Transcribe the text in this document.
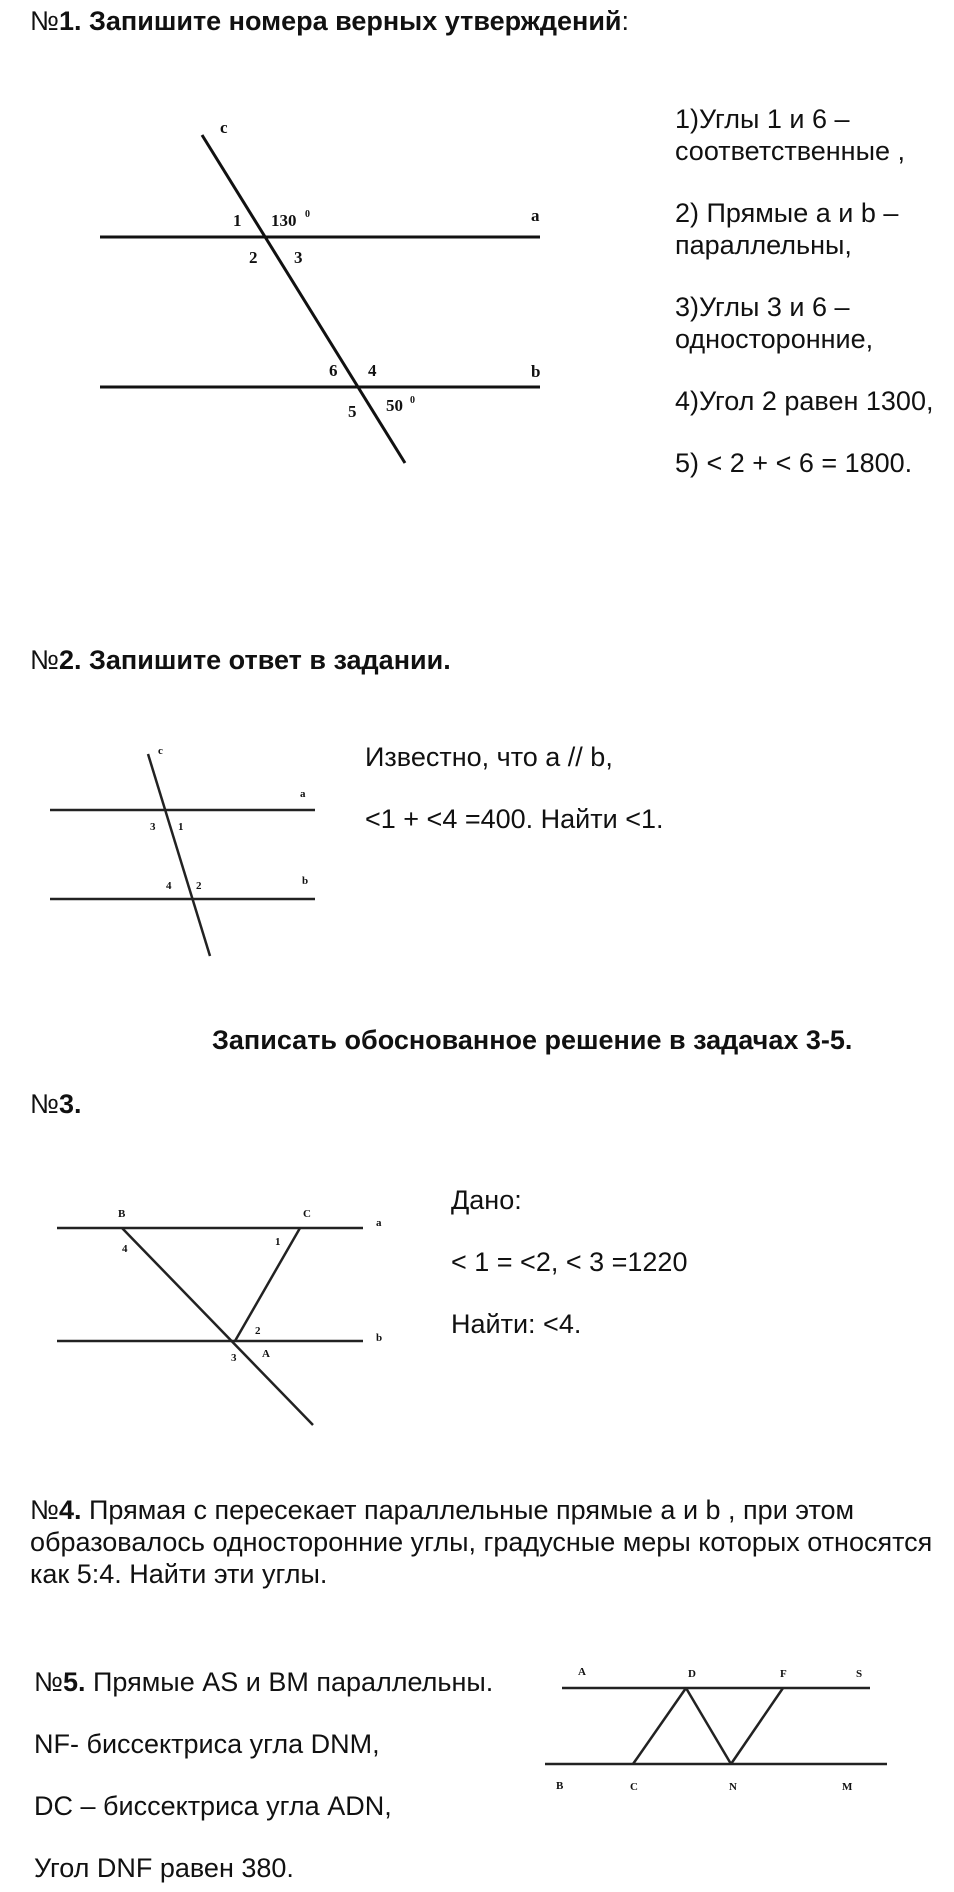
№1. Запишите номера верных утверждений:
c
a
b
1 130 0
2 3
6 4
5 50 0
1)Углы 1 и 6 –
соответственные ,
2) Прямые a и b –
параллельны,
3)Углы 3 и 6 –
односторонние,
4)Угол 2 равен 1300,
5) < 2 + < 6 = 1800.
№2. Запишите ответ в задании.
c
a
b
3 1
4 2
Известно, что a // b,
<1 + <4 =400. Найти <1.
Записать обоснованное решение в задачах 3-5.
№3.
B	C
a
b
4
1
2
3 A
Дано:
< 1 = <2, < 3 =1220
Найти: <4.
№4. Прямая с пересекает параллельные прямые a и b , при этом образовалось односторонние углы, градусные меры которых относятся как 5:4. Найти эти углы.
№5. Прямые AS и BM параллельны.
NF- биссектриса угла DNM,
DC – биссектриса угла ADN,
Угол DNF равен 380.
A	D	F	S
B	C	N	M
